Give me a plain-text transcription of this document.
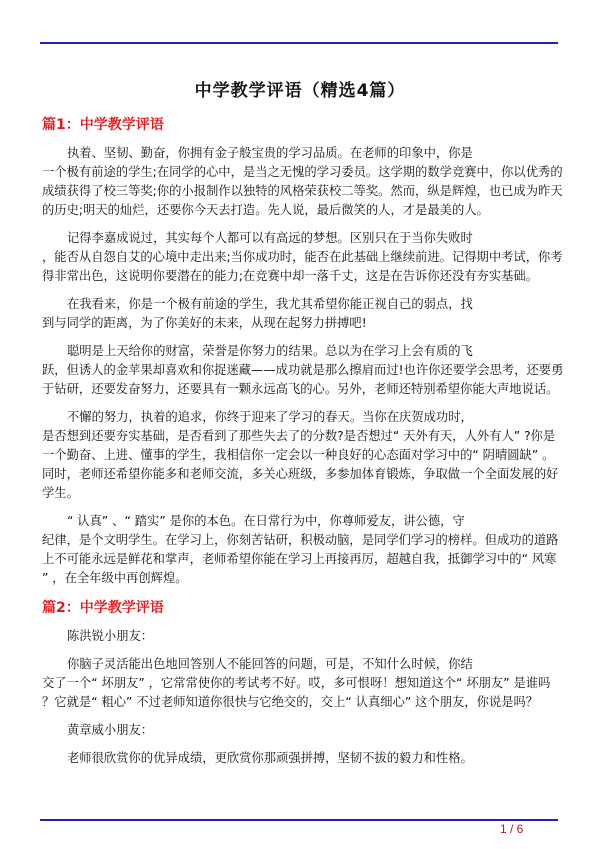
中学教学评语（精选4篇）
篇1：中学教学评语
执着、坚韧、勤奋，你拥有金子般宝贵的学习品质。在老师的印象中，你是
一个极有前途的学生;在同学的心中，是当之无愧的学习委员。这学期的数学竞赛中，你以优秀的
成绩获得了校三等奖;你的小报制作以独特的风格荣获校二等奖。然而，纵是辉煌，也已成为昨天
的历史;明天的灿烂，还要你今天去打造。先人说，最后微笑的人，才是最美的人。
记得李嘉成说过，其实每个人都可以有高远的梦想。区别只在于当你失败时
，能否从自怨自艾的心境中走出来;当你成功时，能否在此基础上继续前进。记得期中考试，你考
得非常出色，这说明你要潜在的能力;在竞赛中却一落千丈，这是在告诉你还没有夯实基础。
在我看来，你是一个极有前途的学生，我尤其希望你能正视自己的弱点，找
到与同学的距离，为了你美好的未来，从现在起努力拼搏吧!
聪明是上天给你的财富，荣誉是你努力的结果。总以为在学习上会有质的飞
跃，但诱人的金苹果却喜欢和你捉迷藏——成功就是那么擦肩而过!也许你还要学会思考，还要勇
于钻研，还要发奋努力，还要具有一颗永远高飞的心。另外，老师还特别希望你能大声地说话。
不懈的努力，执着的追求，你终于迎来了学习的春天。当你在庆贺成功时，
是否想到还要夯实基础，是否看到了那些失去了的分数?是否想过“ 天外有天，人外有人” ?你是
一个勤奋、上进、懂事的学生，我相信你一定会以一种良好的心态面对学习中的“ 阴晴圆缺” 。
同时，老师还希望你能多和老师交流，多关心班级，多参加体育锻炼，争取做一个全面发展的好
学生。
“ 认真” 、“ 踏实” 是你的本色。在日常行为中，你尊师爱友，讲公德，守
纪律，是个文明学生。在学习上，你刻苦钻研，积极动脑，是同学们学习的榜样。但成功的道路
上不可能永远是鲜花和掌声，老师希望你能在学习上再接再厉，超越自我，抵御学习中的“ 风寒
” ，在全年级中再创辉煌。
篇2：中学教学评语
陈洪锐小朋友：
你脑子灵活能出色地回答别人不能回答的问题，可是，不知什么时候，你结
交了一个“ 坏朋友” ，它常常使你的考试考不好。哎，多可恨呀！想知道这个“ 坏朋友” 是谁吗
？它就是“ 粗心” 不过老师知道你很快与它绝交的，交上“ 认真细心” 这个朋友，你说是吗？
黄章威小朋友：
老师很欣赏你的优异成绩，更欣赏你那顽强拼搏，坚韧不拔的毅力和性格。
1 / 6
